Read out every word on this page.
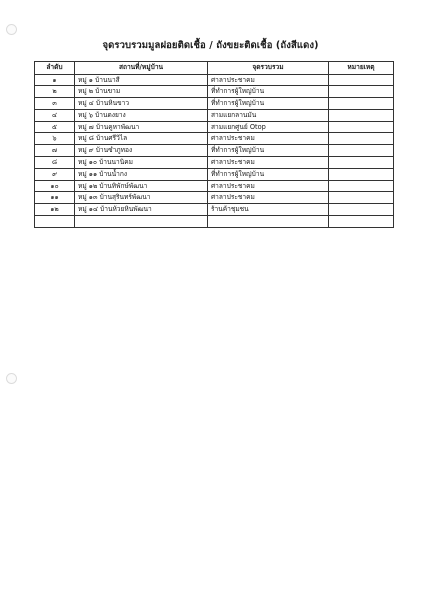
จุดรวบรวมมูลฝอยติดเชื้อ / ถังขยะติดเชื้อ (ถังสีแดง)
ลำดับ	สถานที่/หมู่บ้าน	จุดรวบรวม	หมายเหตุ
๑	หมู่ ๑ บ้านนาสี	ศาลาประชาคม	
๒	หมู่ ๒ บ้านขาม	ที่ทำการผู้ใหญ่บ้าน	
๓	หมู่ ๔ บ้านหินขาว	ที่ทำการผู้ใหญ่บ้าน	
๔	หมู่ ๖ บ้านดงยาง	สามแยกลานมัน	
๕	หมู่ ๗ บ้านคูหาพัฒนา	สามแยกศูนย์ Otop	
๖	หมู่ ๘ บ้านศรีวิไล	ศาลาประชาคม	
๗	หมู่ ๙ บ้านซำภูทอง	ที่ทำการผู้ใหญ่บ้าน	
๘	หมู่ ๑๐ บ้านนานิคม	ศาลาประชาคม	
๙	หมู่ ๑๑ บ้านน้ำกง	ที่ทำการผู้ใหญ่บ้าน	
๑๐	หมู่ ๑๒ บ้านทิพักษ์พัฒนา	ศาลาประชาคม	
๑๑	หมู่ ๑๓ บ้านสุรินทร์พัฒนา	ศาลาประชาคม	
๑๒	หมู่ ๑๔ บ้านห้วยหินพัฒนา	ร้านค้าชุมชน	
